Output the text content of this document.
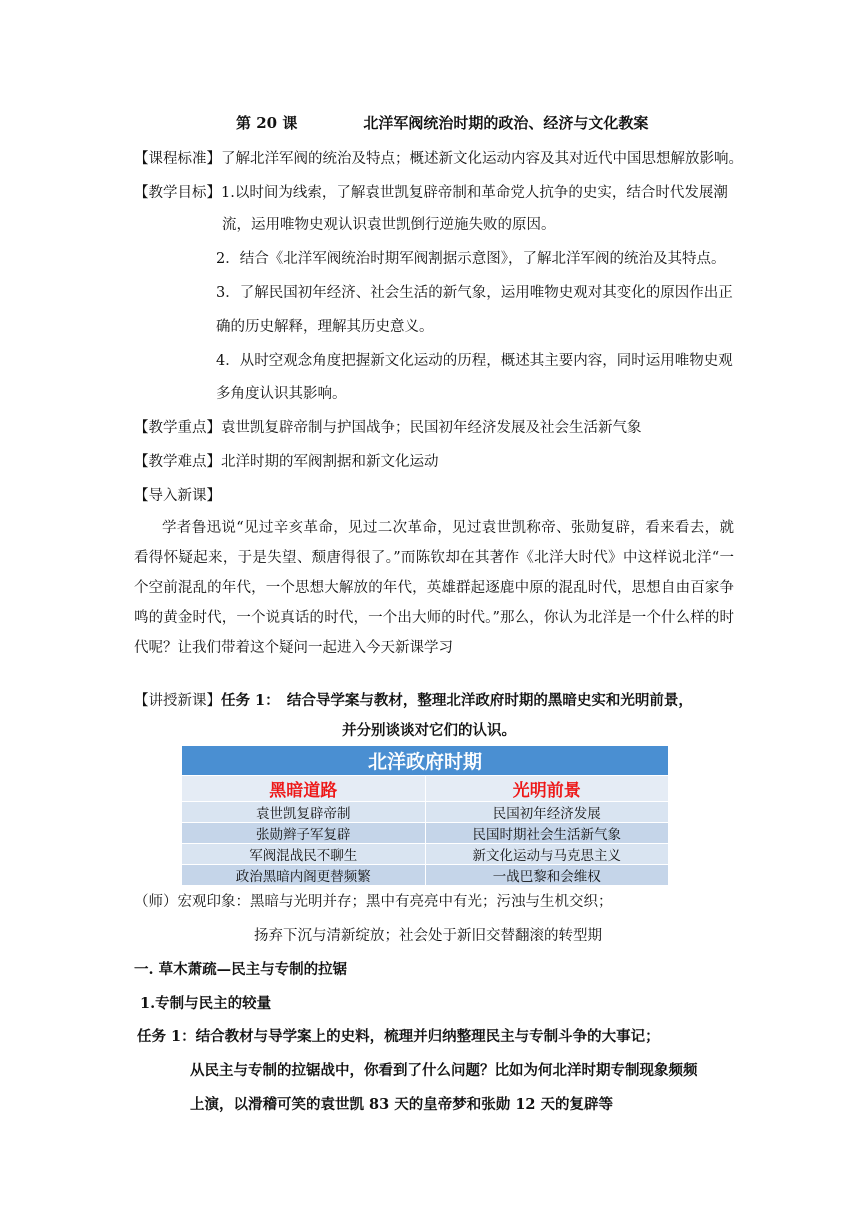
第 20 课	北洋军阀统治时期的政治、经济与文化教案
【课程标准】了解北洋军阀的统治及特点；概述新文化运动内容及其对近代中国思想解放影响。
【教学目标】1.以时间为线索，了解袁世凯复辟帝制和革命党人抗争的史实，结合时代发展潮
流，运用唯物史观认识袁世凯倒行逆施失败的原因。
2．结合《北洋军阀统治时期军阀割据示意图》，了解北洋军阀的统治及其特点。
3．了解民国初年经济、社会生活的新气象，运用唯物史观对其变化的原因作出正
确的历史解释，理解其历史意义。
4．从时空观念角度把握新文化运动的历程，概述其主要内容，同时运用唯物史观
多角度认识其影响。
【教学重点】袁世凯复辟帝制与护国战争；民国初年经济发展及社会生活新气象
【教学难点】北洋时期的军阀割据和新文化运动
【导入新课】
学者鲁迅说“见过辛亥革命，见过二次革命，见过袁世凯称帝、张勋复辟，看来看去，就看得怀疑起来，于是失望、颓唐得很了。”而陈钦却在其著作《北洋大时代》中这样说北洋“一个空前混乱的年代，一个思想大解放的年代，英雄群起逐鹿中原的混乱时代，思想自由百家争鸣的黄金时代，一个说真话的时代，一个出大师的时代。”那么，你认为北洋是一个什么样的时代呢？让我们带着这个疑问一起进入今天新课学习
【讲授新课】任务 1：　结合导学案与教材，整理北洋政府时期的黑暗史实和光明前景，
并分别谈谈对它们的认识。
北洋政府时期	
黑暗道路	光明前景
袁世凯复辟帝制	民国初年经济发展
张勋辫子军复辟	民国时期社会生活新气象
军阀混战民不聊生	新文化运动与马克思主义
政治黑暗内阁更替频繁	一战巴黎和会维权
（师）宏观印象：黑暗与光明并存；黑中有亮亮中有光；污浊与生机交织；
扬弃下沉与清新绽放；社会处于新旧交替翻滚的转型期
一. 草木萧疏—民主与专制的拉锯
1.专制与民主的较量
任务 1：结合教材与导学案上的史料，梳理并归纳整理民主与专制斗争的大事记；
从民主与专制的拉锯战中，你看到了什么问题？比如为何北洋时期专制现象频频
上演，以滑稽可笑的袁世凯 83 天的皇帝梦和张勋 12 天的复辟等
